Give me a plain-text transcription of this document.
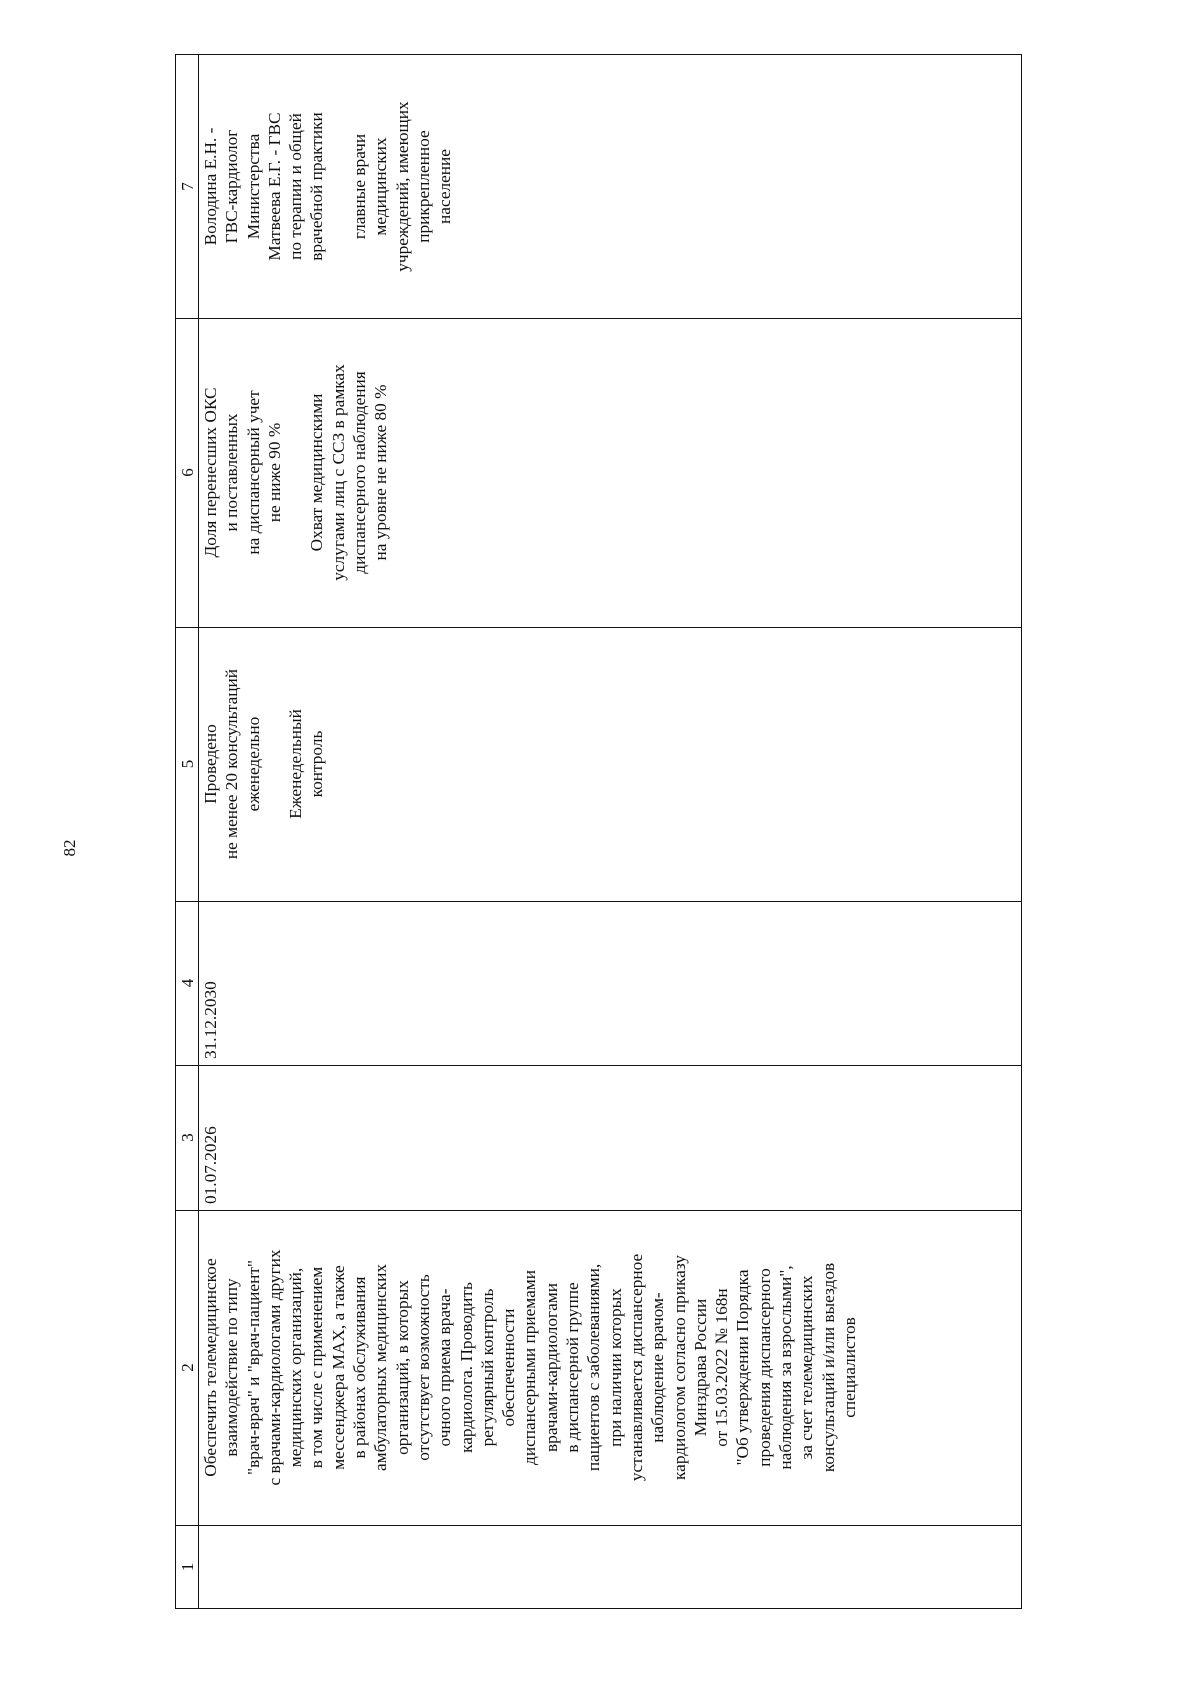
82
1
2
3
4
5
6
7
Обеспечить телемедицинское взаимодействие по типу "врач-врач" и "врач-пациент" с врачами-кардиологами других медицинских организаций, в том числе с применением мессенджера МАХ, а также в районах обслуживания амбулаторных медицинских организаций, в которых отсутствует возможность очного приема врача- кардиолога. Проводить регулярный контроль обеспеченности диспансерными приемами врачами-кардиологами в диспансерной группе пациентов с заболеваниями, при наличии которых устанавливается диспансерное наблюдение врачом- кардиологом согласно приказу Минздрава России от 15.03.2022 № 168н "Об утверждении Порядка проведения диспансерного наблюдения за взрослыми", за счет телемедицинских консультаций и/или выездов специалистов
01.07.2026
31.12.2030
Проведено не менее 20 консультаций еженедельно Еженедельный контроль
Доля перенесших ОКС и поставленных на диспансерный учет не ниже 90 % Охват медицинскими услугами лиц с ССЗ в рамках диспансерного наблюдения на уровне не ниже 80 %
Володина Е.Н. - ГВС-кардиолог Министерства Матвеева Е.Г. - ГВС по терапии и общей врачебной практики главные врачи медицинских учреждений, имеющих прикрепленное население
